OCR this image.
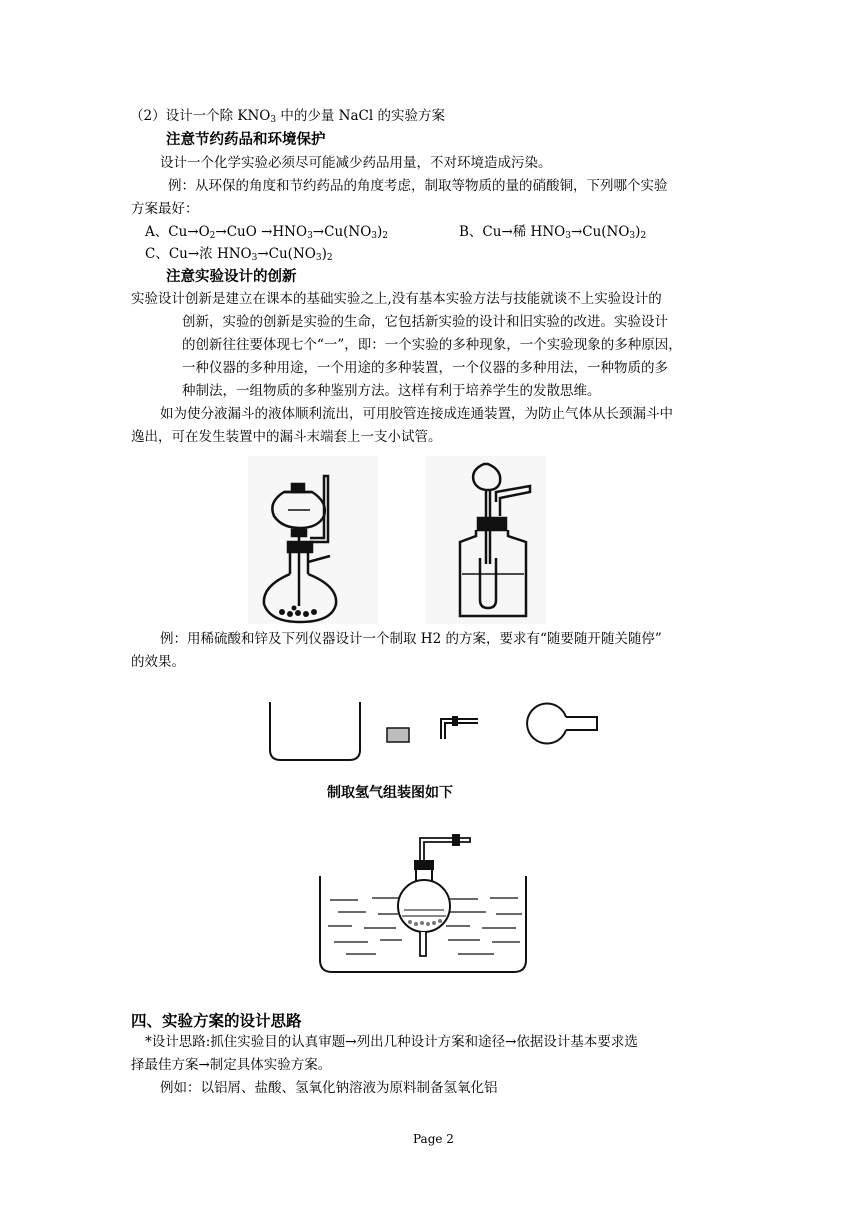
（2）设计一个除 $KNO_3$ 中的少量 NaCl 的实验方案
注意节约药品和环境保护
设计一个化学实验必须尽可能减少药品用量，不对环境造成污染。
例：从环保的角度和节约药品的角度考虑，制取等物质的量的硝酸铜，下列哪个实验
方案最好：
A、$Cu\to O_2\to CuO \to HNO_3\to Cu(NO_3)_2$	B、Cu→稀 $HNO_3\to Cu(NO_3)_2$
C、Cu→浓 $HNO_3\to Cu(NO_3)_2$
注意实验设计的创新
实验设计创新是建立在课本的基础实验之上,没有基本实验方法与技能就谈不上实验设计的
创新，实验的创新是实验的生命，它包括新实验的设计和旧实验的改进。实验设计
的创新往往要体现七个“一”，即：一个实验的多种现象，一个实验现象的多种原因，
一种仪器的多种用途，一个用途的多种装置，一个仪器的多种用法，一种物质的多
种制法，一组物质的多种鉴别方法。这样有利于培养学生的发散思维。
如为使分液漏斗的液体顺利流出，可用胶管连接成连通装置，为防止气体从长颈漏斗中
逸出，可在发生装置中的漏斗末端套上一支小试管。
例：用稀硫酸和锌及下列仪器设计一个制取 H2 的方案，要求有“随要随开随关随停”
的效果。
制取氢气组装图如下
四、实验方案的设计思路
*设计思路:抓住实验目的认真审题→列出几种设计方案和途径→依据设计基本要求选
择最佳方案→制定具体实验方案。
例如：以铝屑、盐酸、氢氧化钠溶液为原料制备氢氧化铝
Page 2
